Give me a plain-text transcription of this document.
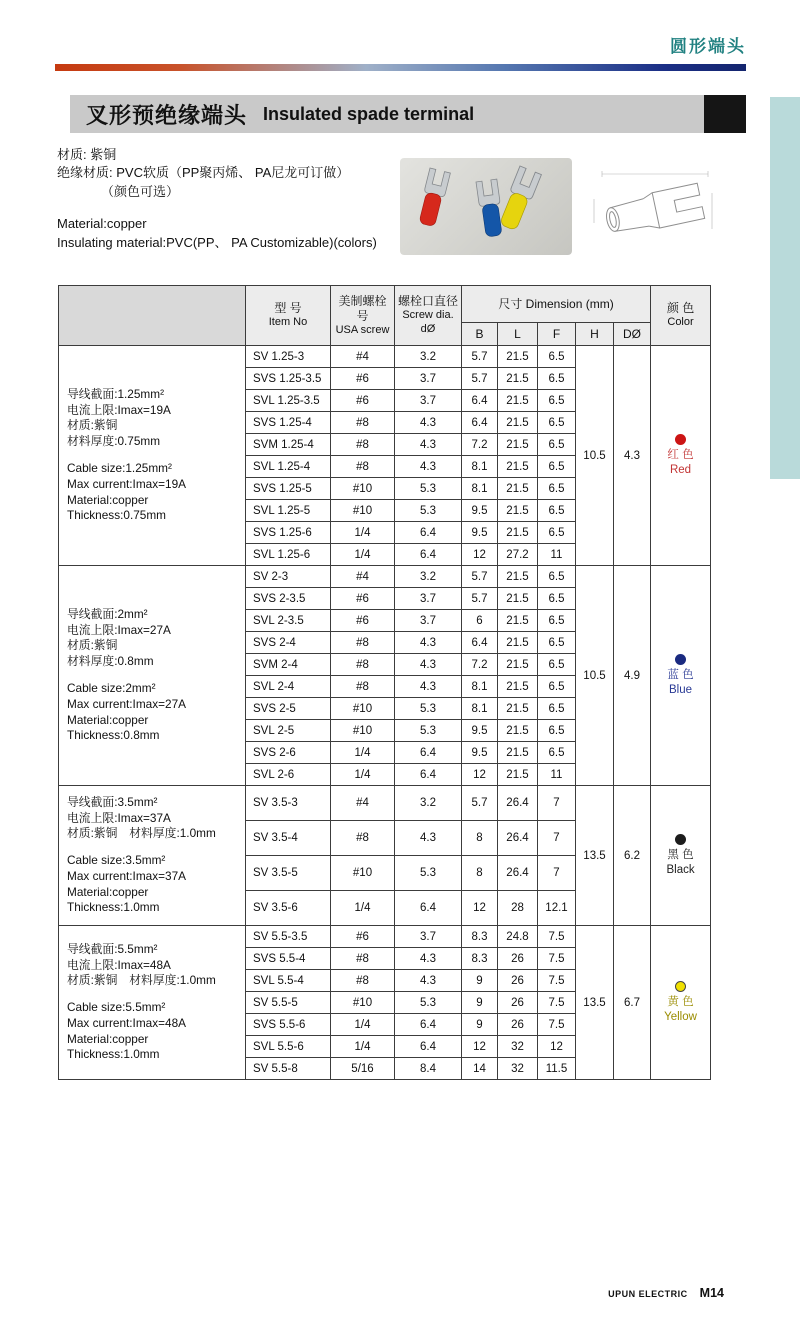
圆形端头
叉形预绝缘端头 Insulated spade terminal
材质: 紫铜
绝缘材质: PVC软质（PP聚丙烯、 PA尼龙可订做）
（颜色可选）
Material:copper
Insulating material:PVC(PP、 PA Customizable)(colors)

型 号
Item No

美制螺栓号
USA screw

螺栓口直径
Screw dia.
dØ
	尺寸 Dimension (mm)	颜 色
Color

				B	L	F	H	DØ	

导线截面:1.25mm²
电流上限:Imax=19A
材质:紫铜
材料厚度:0.75mm
Cable size:1.25mm²
Max current:Imax=19A
Material:copper
Thickness:0.75mm
	SV 1.25-3	#4	3.2	5.7	21.5	6.5	10.5	4.3	红 色
Red

	SVS 1.25-3.5	#6	3.7	5.7	21.5	6.5			
	SVL 1.25-3.5	#6	3.7	6.4	21.5	6.5			
	SVS 1.25-4	#8	4.3	6.4	21.5	6.5			
	SVM 1.25-4	#8	4.3	7.2	21.5	6.5			
	SVL 1.25-4	#8	4.3	8.1	21.5	6.5			
	SVS 1.25-5	#10	5.3	8.1	21.5	6.5			
	SVL 1.25-5	#10	5.3	9.5	21.5	6.5			
	SVS 1.25-6	1/4	6.4	9.5	21.5	6.5			
	SVL 1.25-6	1/4	6.4	12	27.2	11			

导线截面:2mm²
电流上限:Imax=27A
材质:紫铜
材料厚度:0.8mm
Cable size:2mm²
Max current:Imax=27A
Material:copper
Thickness:0.8mm
	SV 2-3	#4	3.2	5.7	21.5	6.5	10.5	4.9	蓝 色
Blue

	SVS 2-3.5	#6	3.7	5.7	21.5	6.5			
	SVL 2-3.5	#6	3.7	6	21.5	6.5			
	SVS 2-4	#8	4.3	6.4	21.5	6.5			
	SVM 2-4	#8	4.3	7.2	21.5	6.5			
	SVL 2-4	#8	4.3	8.1	21.5	6.5			
	SVS 2-5	#10	5.3	8.1	21.5	6.5			
	SVL 2-5	#10	5.3	9.5	21.5	6.5			
	SVS 2-6	1/4	6.4	9.5	21.5	6.5			
	SVL 2-6	1/4	6.4	12	21.5	11			

导线截面:3.5mm²
电流上限:Imax=37A
材质:紫铜　材料厚度:1.0mm
Cable size:3.5mm²
Max current:Imax=37A
Material:copper
Thickness:1.0mm
	SV 3.5-3	#4	3.2	5.7	26.4	7	13.5	6.2	黑 色
Black

	SV 3.5-4	#8	4.3	8	26.4	7			
	SV 3.5-5	#10	5.3	8	26.4	7			
	SV 3.5-6	1/4	6.4	12	28	12.1			

导线截面:5.5mm²
电流上限:Imax=48A
材质:紫铜　材料厚度:1.0mm
Cable size:5.5mm²
Max current:Imax=48A
Material:copper
Thickness:1.0mm
	SV 5.5-3.5	#6	3.7	8.3	24.8	7.5	13.5	6.7	黄 色
Yellow

	SVS 5.5-4	#8	4.3	8.3	26	7.5			
	SVL 5.5-4	#8	4.3	9	26	7.5			
	SV 5.5-5	#10	5.3	9	26	7.5			
	SVS 5.5-6	1/4	6.4	9	26	7.5			
	SVL 5.5-6	1/4	6.4	12	32	12			
	SV 5.5-8	5/16	8.4	14	32	11.5			
UPUN ELECTRIC M14
